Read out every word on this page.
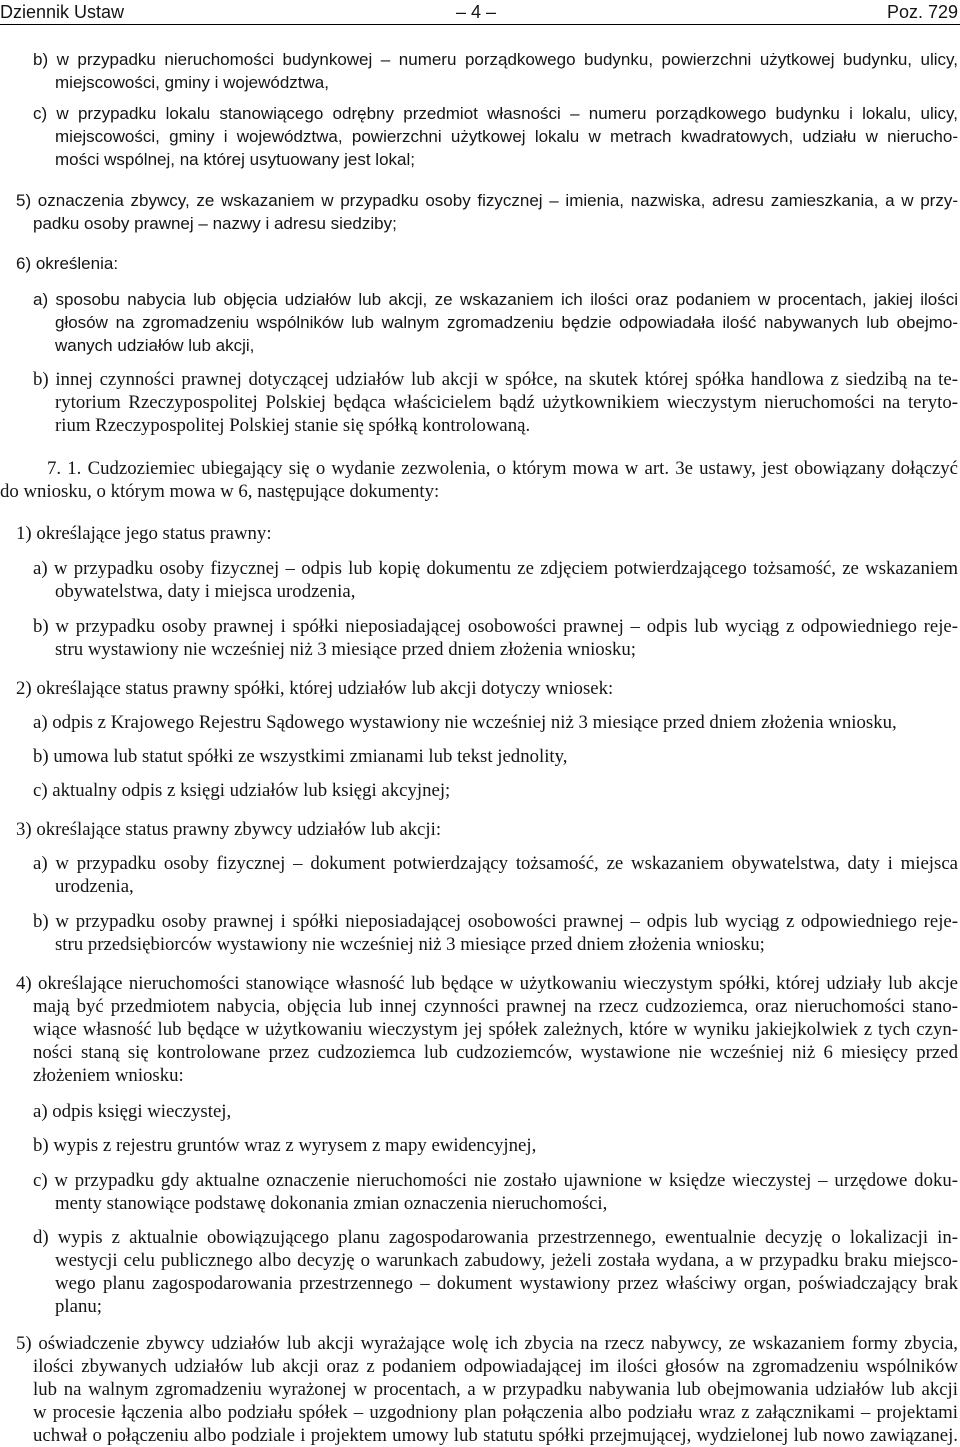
Dziennik Ustaw	– 4 –	Poz. 729
b) w przypadku nieruchomości budynkowej – numeru porządkowego budynku, powierzchni użytkowej budynku, ulicy,
miejscowości, gminy i województwa,
c) w przypadku lokalu stanowiącego odrębny przedmiot własności – numeru porządkowego budynku i lokalu, ulicy,
miejscowości, gminy i województwa, powierzchni użytkowej lokalu w metrach kwadratowych, udziału w nierucho-
mości wspólnej, na której usytuowany jest lokal;
5) oznaczenia zbywcy, ze wskazaniem w przypadku osoby fizycznej – imienia, nazwiska, adresu zamieszkania, a w przy-
padku osoby prawnej – nazwy i adresu siedziby;
6) określenia:
a) sposobu nabycia lub objęcia udziałów lub akcji, ze wskazaniem ich ilości oraz podaniem w procentach, jakiej ilości
głosów na zgromadzeniu wspólników lub walnym zgromadzeniu będzie odpowiadała ilość nabywanych lub obejmo-
wanych udziałów lub akcji,
b) innej czynności prawnej dotyczącej udziałów lub akcji w spółce, na skutek której spółka handlowa z siedzibą na te-
rytorium Rzeczypospolitej Polskiej będąca właścicielem bądź użytkownikiem wieczystym nieruchomości na teryto-
rium Rzeczypospolitej Polskiej stanie się spółką kontrolowaną.
7. 1. Cudzoziemiec ubiegający się o wydanie zezwolenia, o którym mowa w art. 3e ustawy, jest obowiązany dołączyć
do wniosku, o którym mowa w 6, następujące dokumenty:
1) określające jego status prawny:
a) w przypadku osoby fizycznej – odpis lub kopię dokumentu ze zdjęciem potwierdzającego tożsamość, ze wskazaniem
obywatelstwa, daty i miejsca urodzenia,
b) w przypadku osoby prawnej i spółki nieposiadającej osobowości prawnej – odpis lub wyciąg z odpowiedniego reje-
stru wystawiony nie wcześniej niż 3 miesiące przed dniem złożenia wniosku;
2) określające status prawny spółki, której udziałów lub akcji dotyczy wniosek:
a) odpis z Krajowego Rejestru Sądowego wystawiony nie wcześniej niż 3 miesiące przed dniem złożenia wniosku,
b) umowa lub statut spółki ze wszystkimi zmianami lub tekst jednolity,
c) aktualny odpis z księgi udziałów lub księgi akcyjnej;
3) określające status prawny zbywcy udziałów lub akcji:
a) w przypadku osoby fizycznej – dokument potwierdzający tożsamość, ze wskazaniem obywatelstwa, daty i miejsca
urodzenia,
b) w przypadku osoby prawnej i spółki nieposiadającej osobowości prawnej – odpis lub wyciąg z odpowiedniego reje-
stru przedsiębiorców wystawiony nie wcześniej niż 3 miesiące przed dniem złożenia wniosku;
4) określające nieruchomości stanowiące własność lub będące w użytkowaniu wieczystym spółki, której udziały lub akcje
mają być przedmiotem nabycia, objęcia lub innej czynności prawnej na rzecz cudzoziemca, oraz nieruchomości stano-
wiące własność lub będące w użytkowaniu wieczystym jej spółek zależnych, które w wyniku jakiejkolwiek z tych czyn-
ności staną się kontrolowane przez cudzoziemca lub cudzoziemców, wystawione nie wcześniej niż 6 miesięcy przed
złożeniem wniosku:
a) odpis księgi wieczystej,
b) wypis z rejestru gruntów wraz z wyrysem z mapy ewidencyjnej,
c) w przypadku gdy aktualne oznaczenie nieruchomości nie zostało ujawnione w księdze wieczystej – urzędowe doku-
menty stanowiące podstawę dokonania zmian oznaczenia nieruchomości,
d) wypis z aktualnie obowiązującego planu zagospodarowania przestrzennego, ewentualnie decyzję o lokalizacji in-
westycji celu publicznego albo decyzję o warunkach zabudowy, jeżeli została wydana, a w przypadku braku miejsco-
wego planu zagospodarowania przestrzennego – dokument wystawiony przez właściwy organ, poświadczający brak
planu;
5) oświadczenie zbywcy udziałów lub akcji wyrażające wolę ich zbycia na rzecz nabywcy, ze wskazaniem formy zbycia,
ilości zbywanych udziałów lub akcji oraz z podaniem odpowiadającej im ilości głosów na zgromadzeniu wspólników
lub na walnym zgromadzeniu wyrażonej w procentach, a w przypadku nabywania lub obejmowania udziałów lub akcji
w procesie łączenia albo podziału spółek – uzgodniony plan połączenia albo podziału wraz z załącznikami – projektami
uchwał o połączeniu albo podziale i projektem umowy lub statutu spółki przejmującej, wydzielonej lub nowo zawiązanej.
